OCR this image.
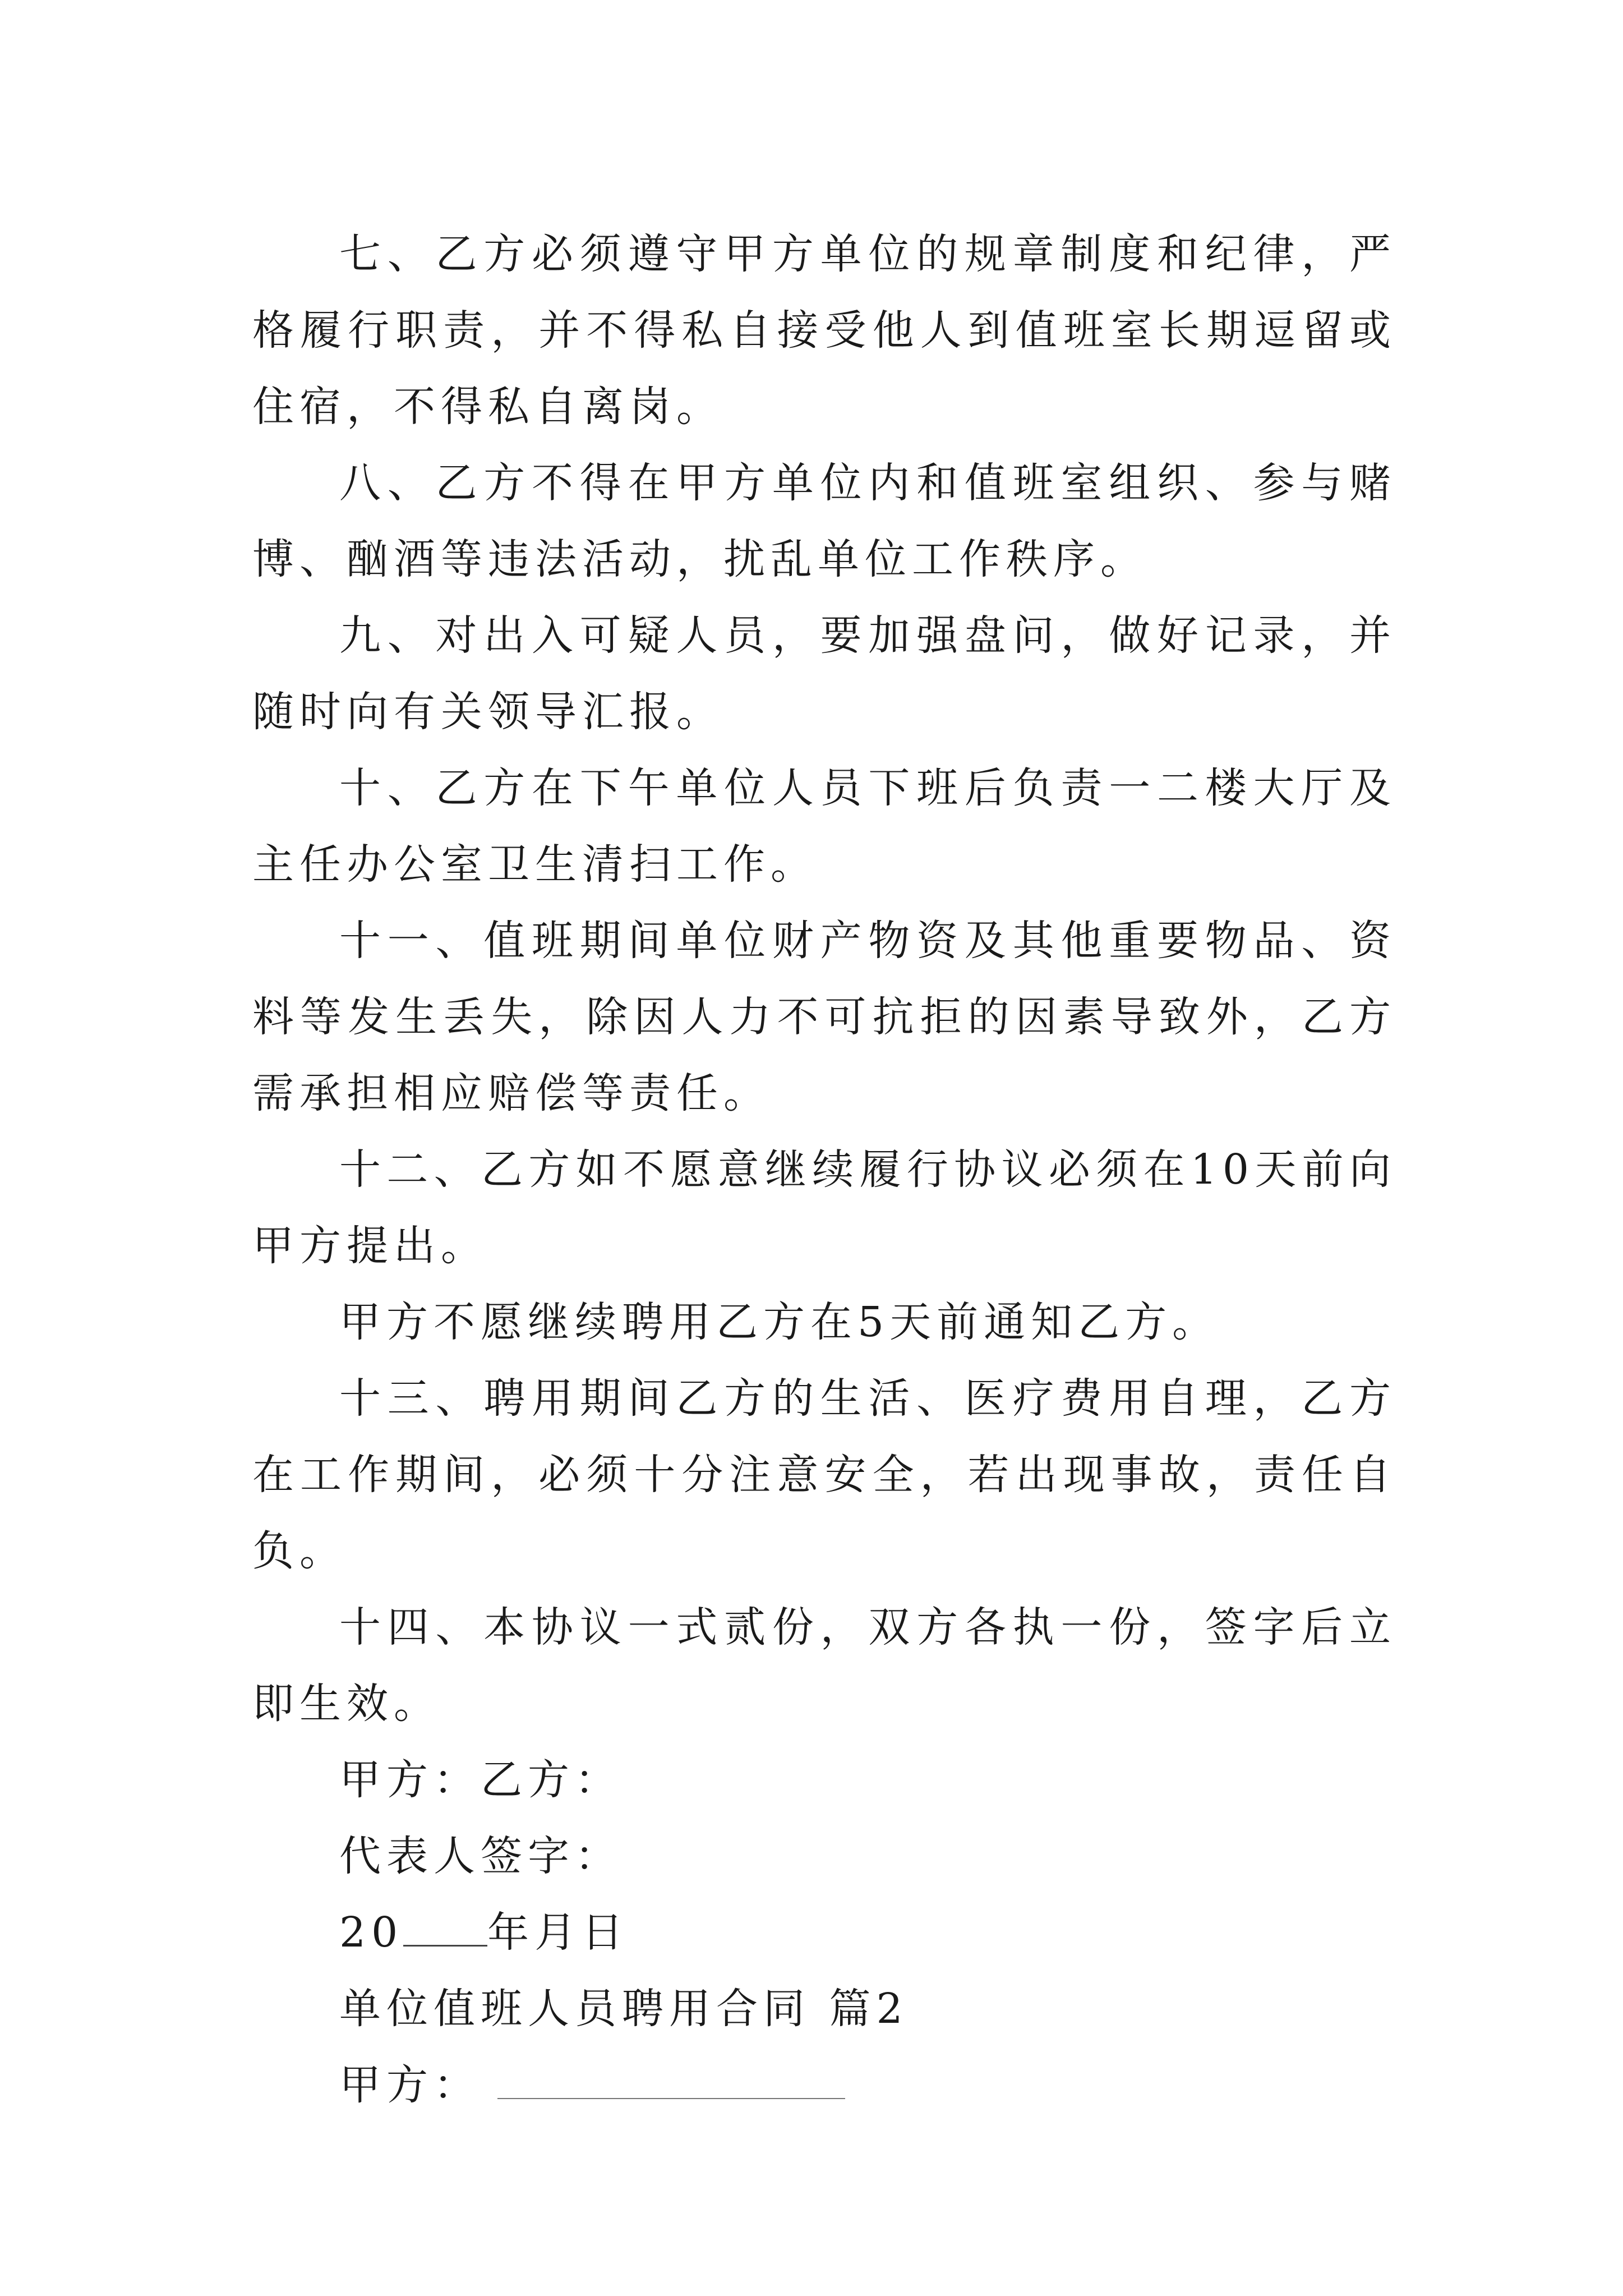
七、乙方必须遵守甲方单位的规章制度和纪律，严格履行职责，并不得私自接受他人到值班室长期逗留或住宿，不得私自离岗。

八、乙方不得在甲方单位内和值班室组织、参与赌博、酗酒等违法活动，扰乱单位工作秩序。

九、对出入可疑人员，要加强盘问，做好记录，并随时向有关领导汇报。

十、乙方在下午单位人员下班后负责一二楼大厅及主任办公室卫生清扫工作。

十一、值班期间单位财产物资及其他重要物品、资料等发生丢失，除因人力不可抗拒的因素导致外，乙方需承担相应赔偿等责任。

十二、乙方如不愿意继续履行协议必须在10天前向甲方提出。

甲方不愿继续聘用乙方在5天前通知乙方。

十三、聘用期间乙方的生活、医疗费用自理，乙方在工作期间，必须十分注意安全，若出现事故，责任自负。

十四、本协议一式贰份，双方各执一份，签字后立即生效。

甲方：乙方：

代表人签字：

20 年月日

单位值班人员聘用合同 篇2

甲方：
